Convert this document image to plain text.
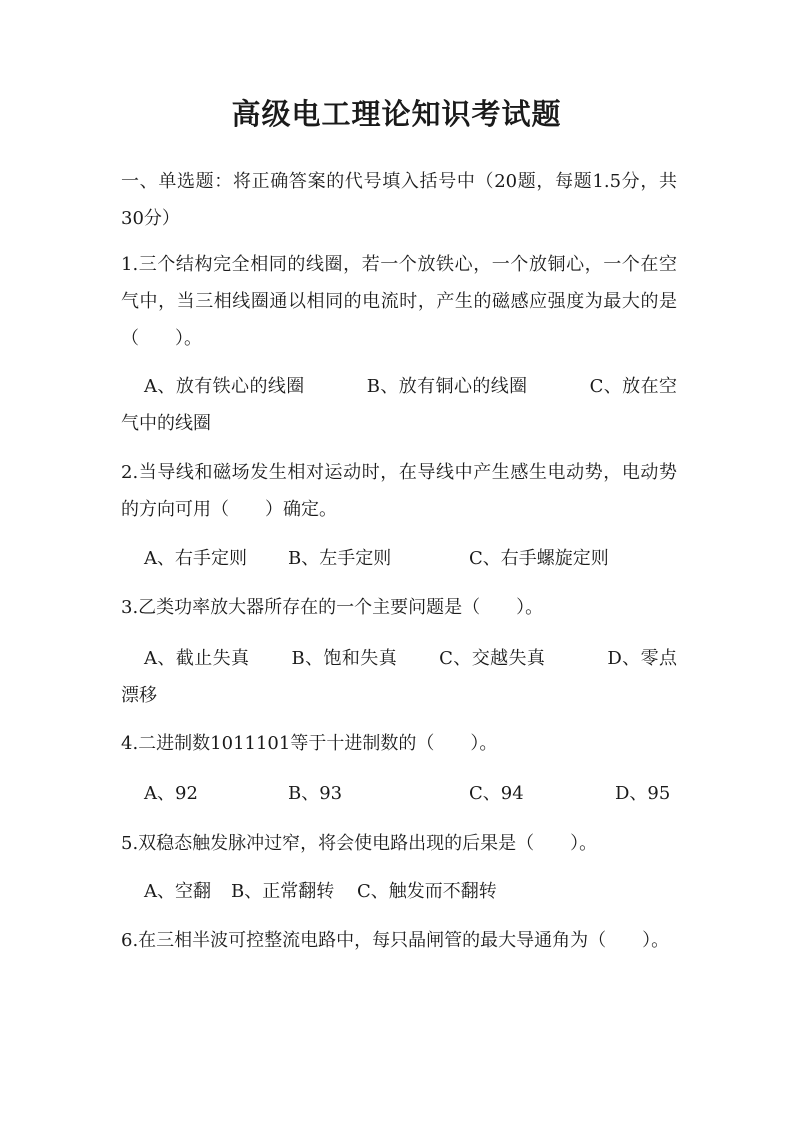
高级电工理论知识考试题
一、单选题：将正确答案的代号填入括号中（20题，每题1.5分，共30分）
1.三个结构完全相同的线圈，若一个放铁心，一个放铜心，一个在空气中，当三相线圈通以相同的电流时，产生的磁感应强度为最大的是（　　）。
A、放有铁心的线圈	B、放有铜心的线圈	C、放在空气中的线圈
2.当导线和磁场发生相对运动时，在导线中产生感生电动势，电动势的方向可用（　　）确定。
A、右手定则 B、左手定则	C、右手螺旋定则
3.乙类功率放大器所存在的一个主要问题是（　　）。
A、截止失真 B、饱和失真 C、交越失真	D、零点漂移
4.二进制数1011101等于十进制数的（　　）。
A、92	B、93	C、94	D、95
5.双稳态触发脉冲过窄，将会使电路出现的后果是（　　）。
A、空翻 B、正常翻转 C、触发而不翻转
6.在三相半波可控整流电路中，每只晶闸管的最大导通角为（　　）。
